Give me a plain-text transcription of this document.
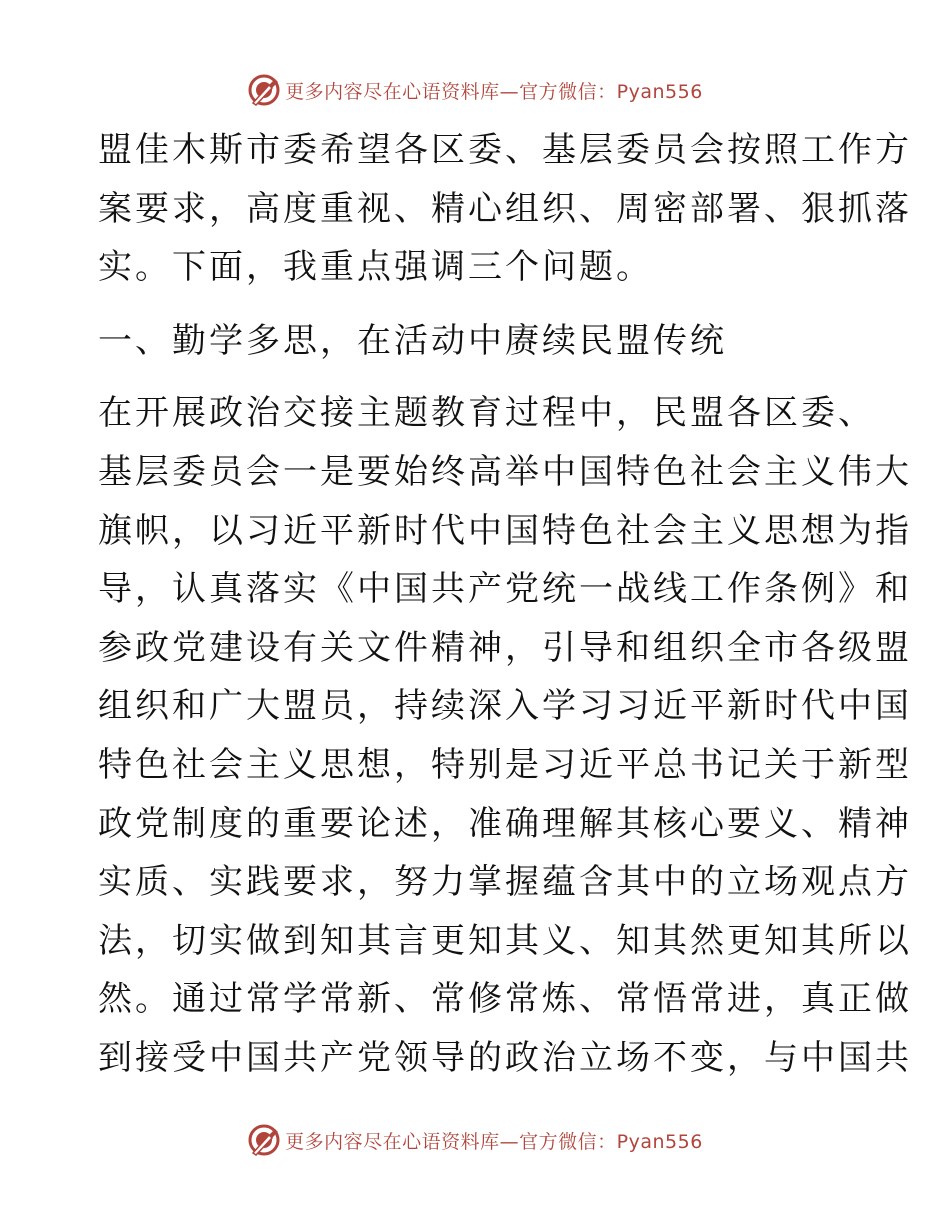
更多内容尽在心语资料库—官方微信：Pyan556
盟佳木斯市委希望各区委、基层委员会按照工作方
案要求，高度重视、精心组织、周密部署、狠抓落
实。下面，我重点强调三个问题。
一、勤学多思，在活动中赓续民盟传统
在开展政治交接主题教育过程中，民盟各区委、
基层委员会一是要始终高举中国特色社会主义伟大
旗帜，以习近平新时代中国特色社会主义思想为指
导，认真落实《中国共产党统一战线工作条例》和
参政党建设有关文件精神，引导和组织全市各级盟
组织和广大盟员，持续深入学习习近平新时代中国
特色社会主义思想，特别是习近平总书记关于新型
政党制度的重要论述，准确理解其核心要义、精神
实质、实践要求，努力掌握蕴含其中的立场观点方
法，切实做到知其言更知其义、知其然更知其所以
然。通过常学常新、常修常炼、常悟常进，真正做
到接受中国共产党领导的政治立场不变，与中国共
更多内容尽在心语资料库—官方微信：Pyan556
